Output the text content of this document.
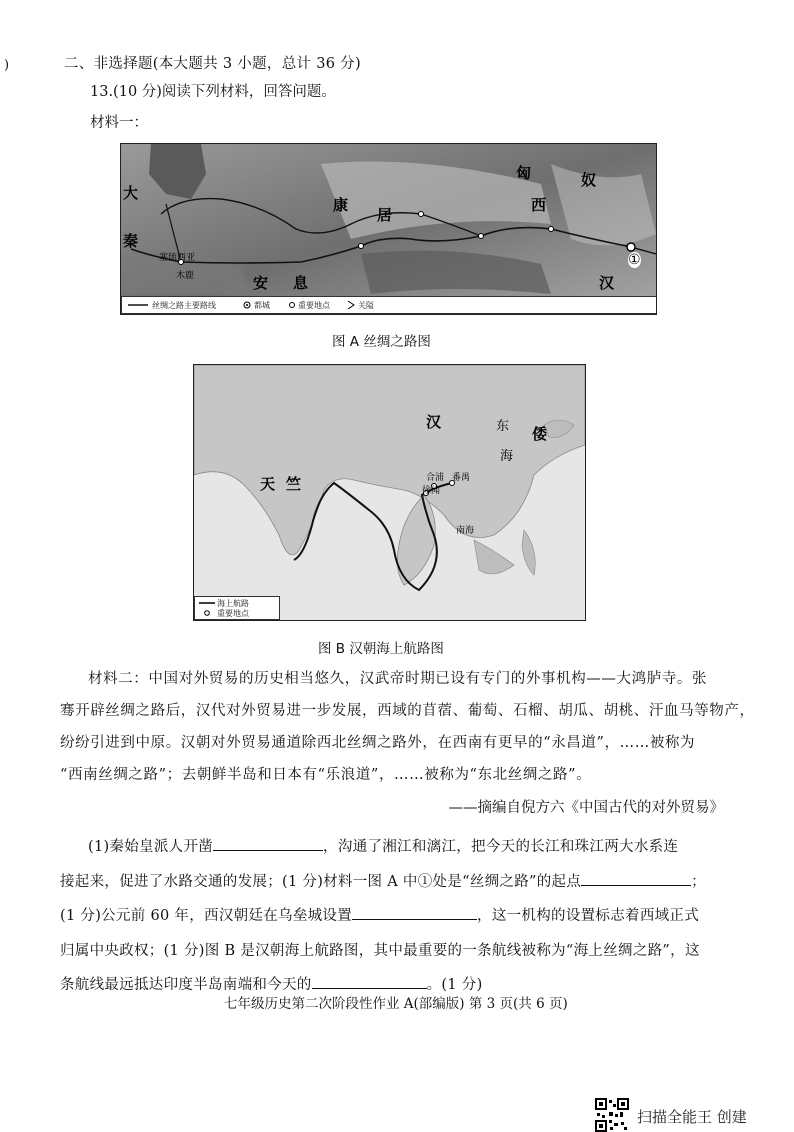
)	二、非选择题(本大题共 3 小题，总计 36 分)
13.(10 分)阅读下列材料，回答问题。
材料一：
大
秦
康
居
西
匈	奴
汉
安 息
塞琉西亚
木鹿
①
丝绸之路主要路线	都城	重要地点	关隘
图 A 丝绸之路图
汉
倭
东
海
天 竺	合浦 番禺
徐闻
南海
海上航路
重要地点
图 B 汉朝海上航路图
材料二：中国对外贸易的历史相当悠久，汉武帝时期已设有专门的外事机构——大鸿胪寺。张
骞开辟丝绸之路后，汉代对外贸易进一步发展，西域的苜蓿、葡萄、石榴、胡瓜、胡桃、汗血马等物产，
纷纷引进到中原。汉朝对外贸易通道除西北丝绸之路外，在西南有更早的“永昌道”，……被称为
“西南丝绸之路”；去朝鲜半岛和日本有“乐浪道”，……被称为“东北丝绸之路”。
——摘编自倪方六《中国古代的对外贸易》
(1)秦始皇派人开凿	，沟通了湘江和漓江，把今天的长江和珠江两大水系连
接起来，促进了水路交通的发展；(1 分)材料一图 A 中①处是“丝绸之路”的起点	；
(1 分)公元前 60 年，西汉朝廷在乌垒城设置	，这一机构的设置标志着西域正式
归属中央政权；(1 分)图 B 是汉朝海上航路图，其中最重要的一条航线被称为“海上丝绸之路”，这
条航线最远抵达印度半岛南端和今天的	。(1 分)
七年级历史第二次阶段性作业 A(部编版) 第 3 页(共 6 页)
扫描全能王 创建
